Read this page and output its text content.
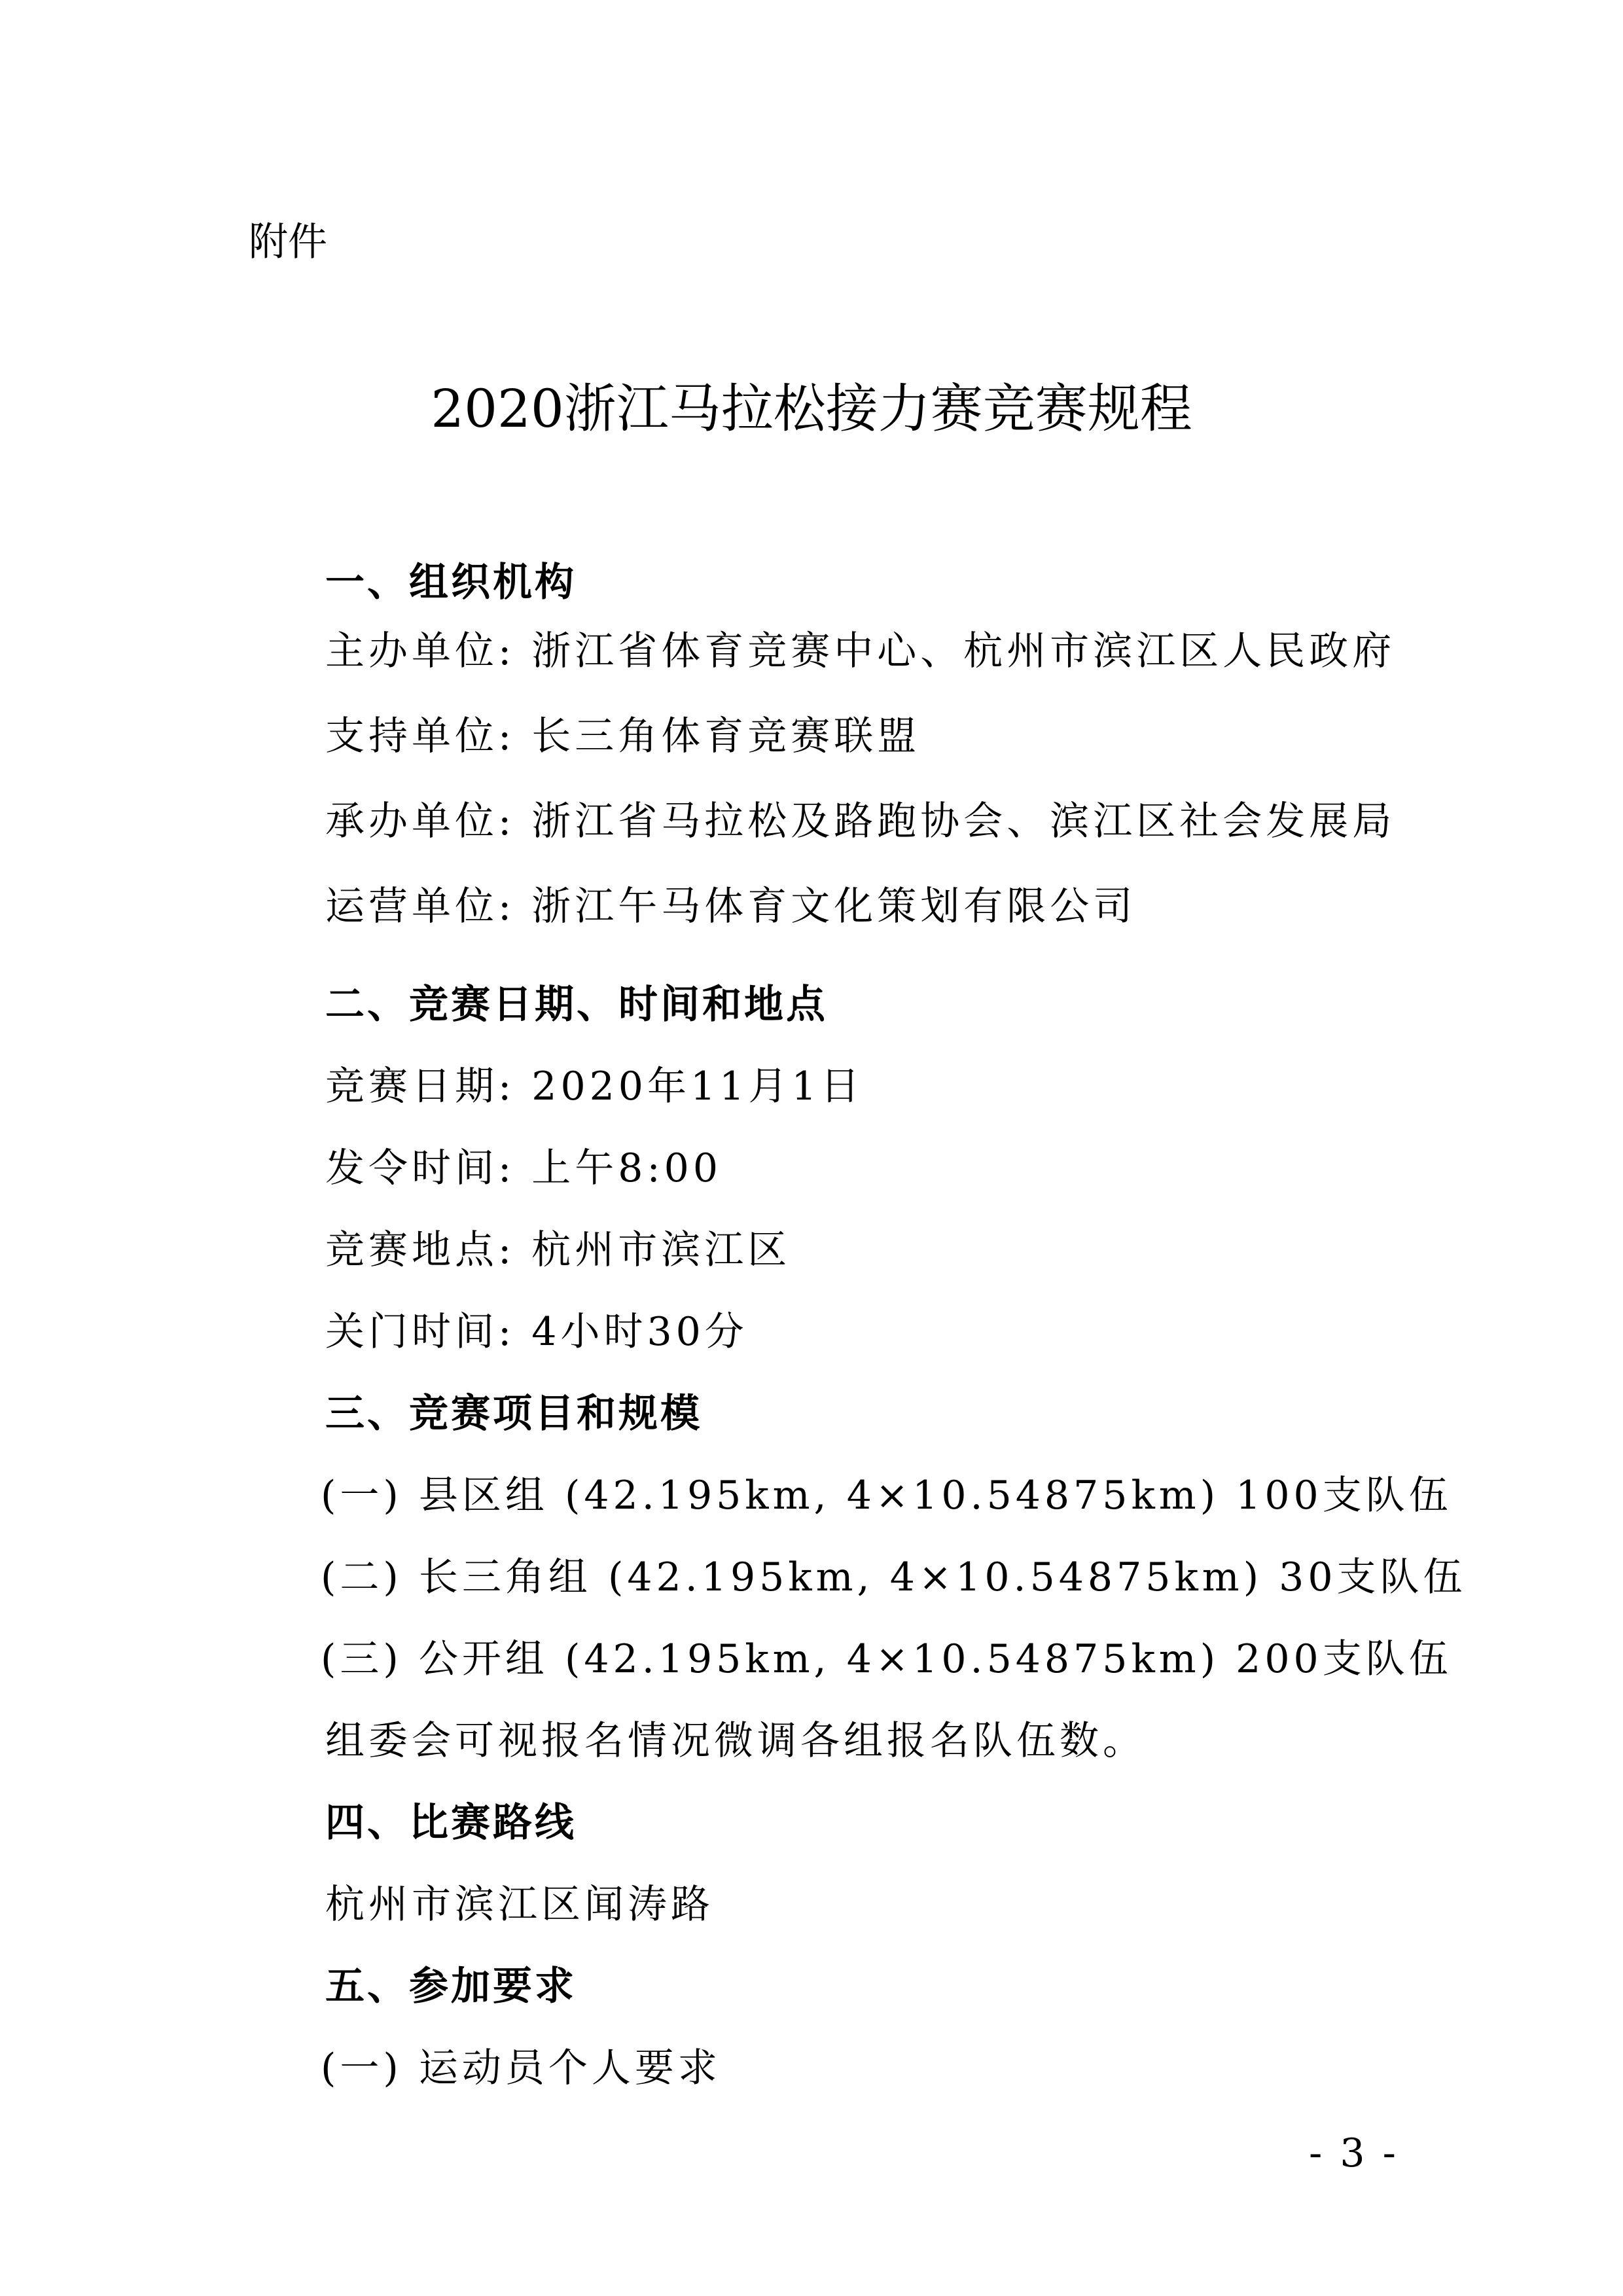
附件
2020浙江马拉松接力赛竞赛规程
一、组织机构
主办单位: 浙江省体育竞赛中心、杭州市滨江区人民政府
支持单位: 长三角体育竞赛联盟
承办单位: 浙江省马拉松及路跑协会、滨江区社会发展局
运营单位: 浙江午马体育文化策划有限公司
二、竞赛日期、时间和地点
竞赛日期: 2020年11月1日
发令时间: 上午8:00
竞赛地点: 杭州市滨江区
关门时间: 4小时30分
三、竞赛项目和规模
(一) 县区组 (42.195km, 4×10.54875km) 100支队伍
(二) 长三角组 (42.195km, 4×10.54875km) 30支队伍
(三) 公开组 (42.195km, 4×10.54875km) 200支队伍
组委会可视报名情况微调各组报名队伍数。
四、比赛路线
杭州市滨江区闻涛路
五、参加要求
(一) 运动员个人要求
- 3 -
